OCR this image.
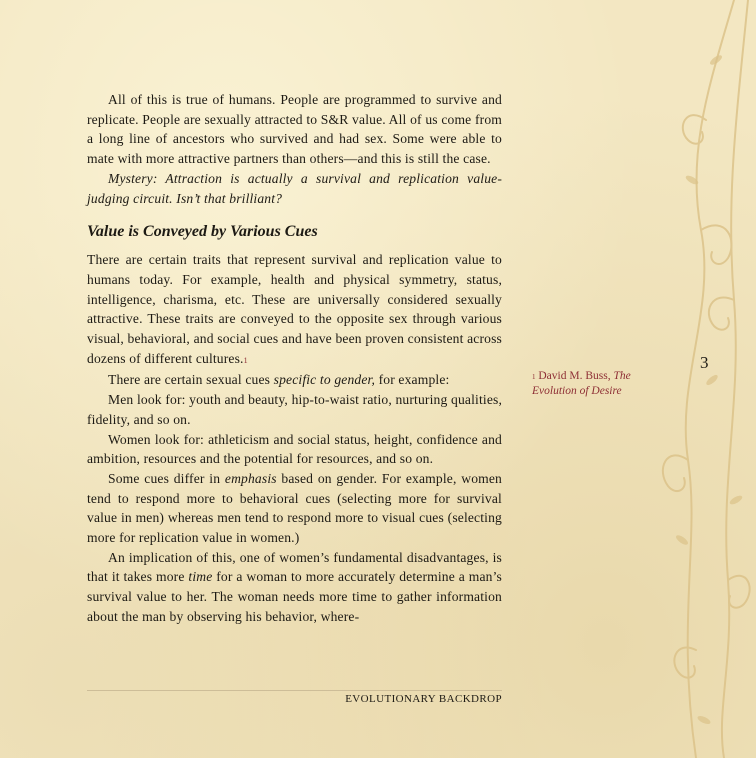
All of this is true of humans. People are programmed to survive and replicate. People are sexually attracted to S&R value. All of us come from a long line of ancestors who survived and had sex. Some were able to mate with more attractive partners than others—and this is still the case.

Mystery: Attraction is actually a survival and replication value-judging circuit. Isn’t that brilliant?

Value is Conveyed by Various Cues

There are certain traits that represent survival and replication value to humans today. For example, health and physical symmetry, status, intelligence, charisma, etc. These are universally considered sexually attractive. These traits are conveyed to the opposite sex through various visual, behavioral, and social cues and have been proven consistent across dozens of different cultures.1

There are certain sexual cues specific to gender, for example:

Men look for: youth and beauty, hip-to-waist ratio, nurturing qualities, fidelity, and so on.

Women look for: athleticism and social status, height, confidence and ambition, resources and the potential for resources, and so on.

Some cues differ in emphasis based on gender. For example, women tend to respond more to behavioral cues (selecting more for survival value in men) whereas men tend to respond more to visual cues (selecting more for replication value in women.)

An implication of this, one of women’s fundamental disadvantages, is that it takes more time for a woman to more accurately determine a man’s survival value to her. The woman needs more time to gather information about the man by observing his behavior, where-

1 David M. Buss, The Evolution of Desire
3
EVOLUTIONARY BACKDROP
